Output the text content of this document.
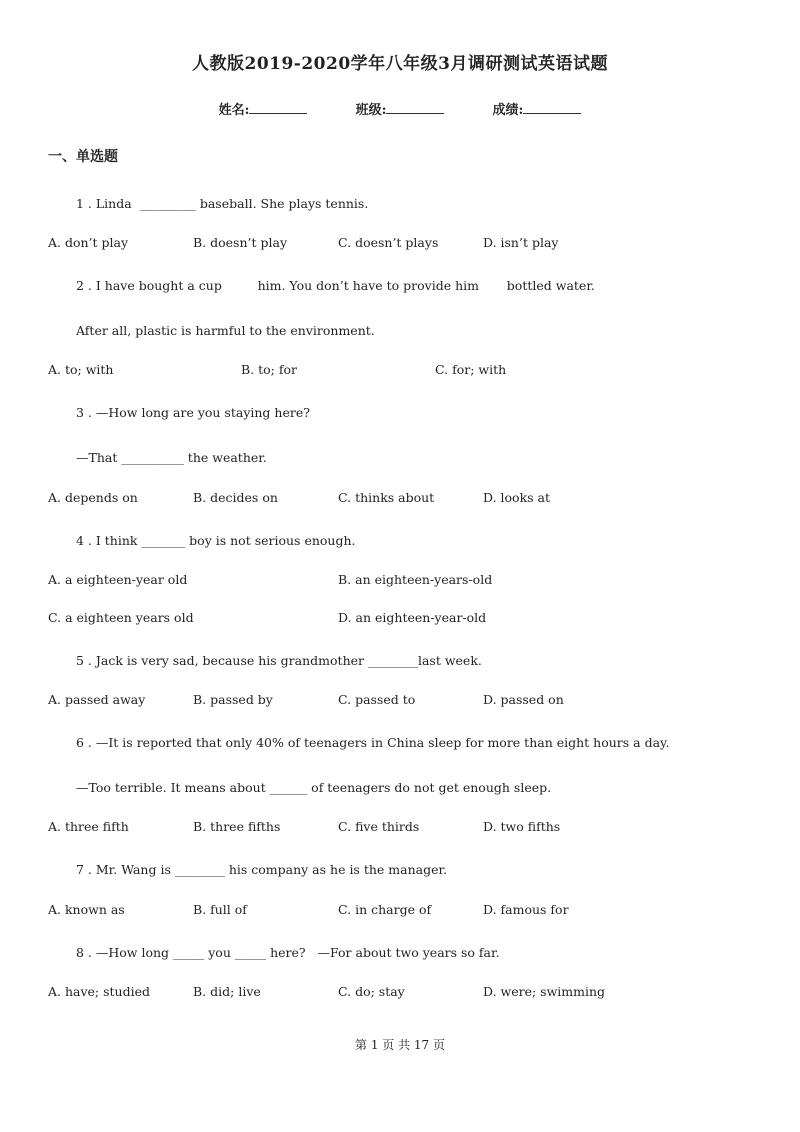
人教版2019-2020学年八年级3月调研测试英语试题
姓名:	班级:	成绩:
一、单选题
1 . Linda  _________ baseball. She plays tennis.
A. don’t play	B. doesn’t play	C. doesn’t plays	D. isn’t play
2 . I have bought a cup         him. You don’t have to provide him       bottled water.
After all, plastic is harmful to the environment.
A. to; with	B. to; for	C. for; with
3 . —How long are you staying here?
—That __________ the weather.
A. depends on	B. decides on	C. thinks about	D. looks at
4 . I think _______ boy is not serious enough.
A. a eighteen-year old	B. an eighteen-years-old
C. a eighteen years old	D. an eighteen-year-old
5 . Jack is very sad, because his grandmother ________last week.
A. passed away	B. passed by	C. passed to	D. passed on
6 . —It is reported that only 40% of teenagers in China sleep for more than eight hours a day.
—Too terrible. It means about ______ of teenagers do not get enough sleep.
A. three fifth	B. three fifths	C. five thirds	D. two fifths
7 . Mr. Wang is ________ his company as he is the manager.
A. known as	B. full of	C. in charge of	D. famous for
8 . —How long _____ you _____ here?   —For about two years so far.
A. have; studied	B. did; live	C. do; stay	D. were; swimming
第 1 页 共 17 页
